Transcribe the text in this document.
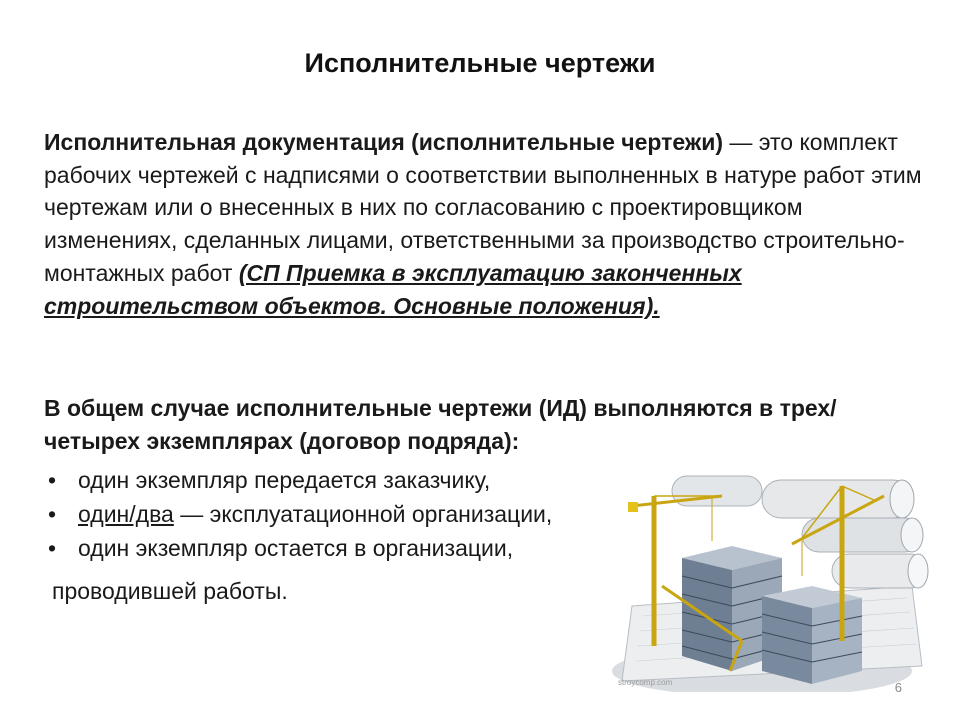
Исполнительные чертежи
Исполнительная документация (исполнительные чертежи) — это комплект рабочих чертежей с надписями о соответствии выполненных в натуре работ этим чертежам или о внесенных в них по согласованию с проектировщиком изменениях, сделанных лицами, ответственными за производство строительно-монтажных работ (СП Приемка в эксплуатацию законченных строительством объектов. Основные положения).
В общем случае исполнительные чертежи (ИД) выполняются в трех/четырех экземплярах (договор подряда):
• один экземпляр передается заказчику,
• один/два — эксплуатационной организации,
• один экземпляр остается в организации,
проводившей работы.
stroycomp.com	6
